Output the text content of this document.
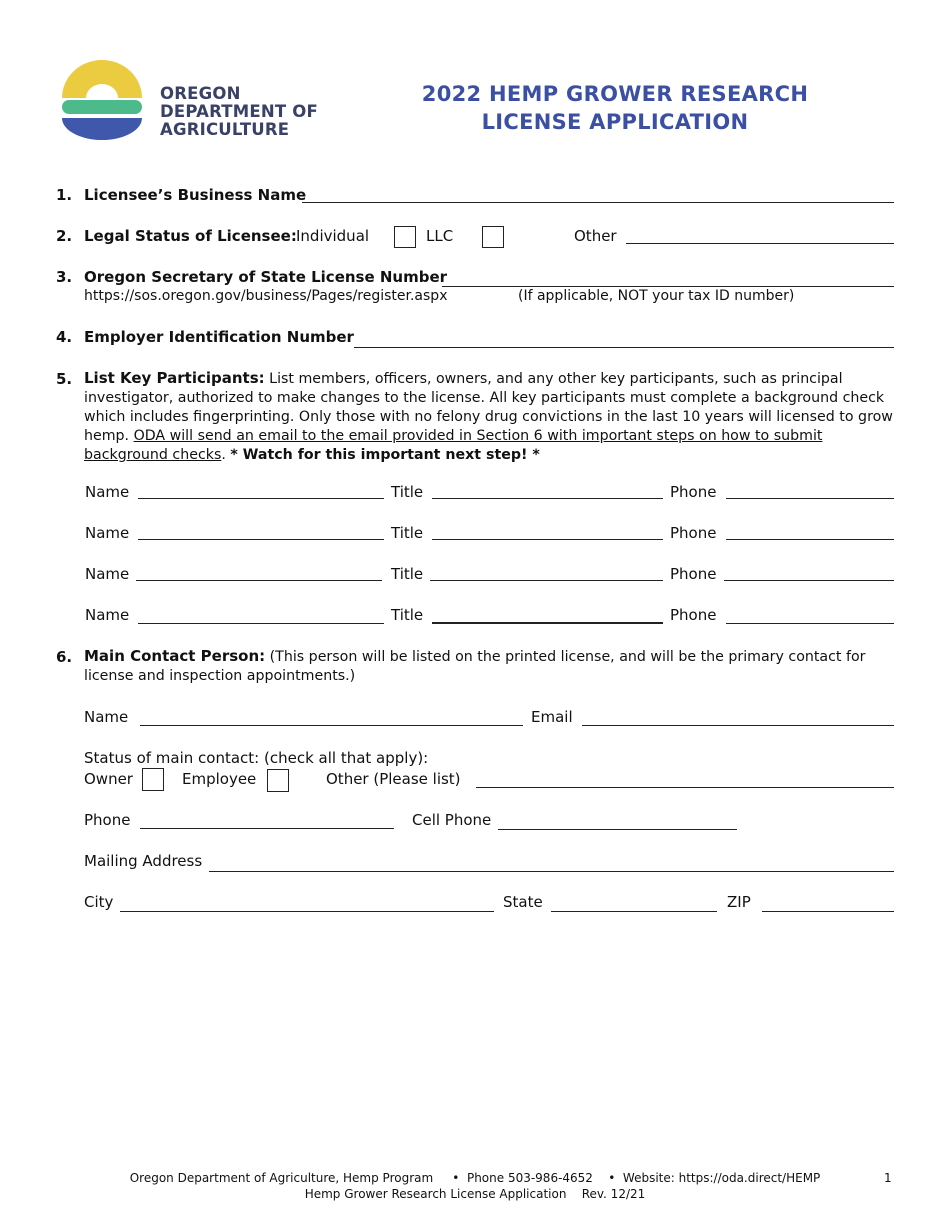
OREGON
DEPARTMENT OF
AGRICULTURE
2022 HEMP GROWER RESEARCH
LICENSE APPLICATION
1. Licensee’s Business Name
2. Legal Status of Licensee: Individual	LLC	Other
3. Oregon Secretary of State License Number
https://sos.oregon.gov/business/Pages/register.aspx	(If applicable, NOT your tax ID number)
4. Employer Identification Number
5. List Key Participants: List members, officers, owners, and any other key participants, such as principal investigator, authorized to make changes to the license. All key participants must complete a background check which includes fingerprinting. Only those with no felony drug convictions in the last 10 years will licensed to grow hemp. ODA will send an email to the email provided in Section 6 with important steps on how to submit background checks. * Watch for this important next step! *
Name	Title	Phone
Name	Title	Phone
Name	Title	Phone
Name	Title	Phone
6. Main Contact Person: (This person will be listed on the printed license, and will be the primary contact for license and inspection appointments.)
Name	Email
Status of main contact: (check all that apply):
Owner	Employee	Other (Please list)
Phone	Cell Phone
Mailing Address
City	State	ZIP
Oregon Department of Agriculture, Hemp Program     •  Phone 503-986-4652    •  Website: https://oda.direct/HEMP
Hemp Grower Research License Application    Rev. 12/21
1
